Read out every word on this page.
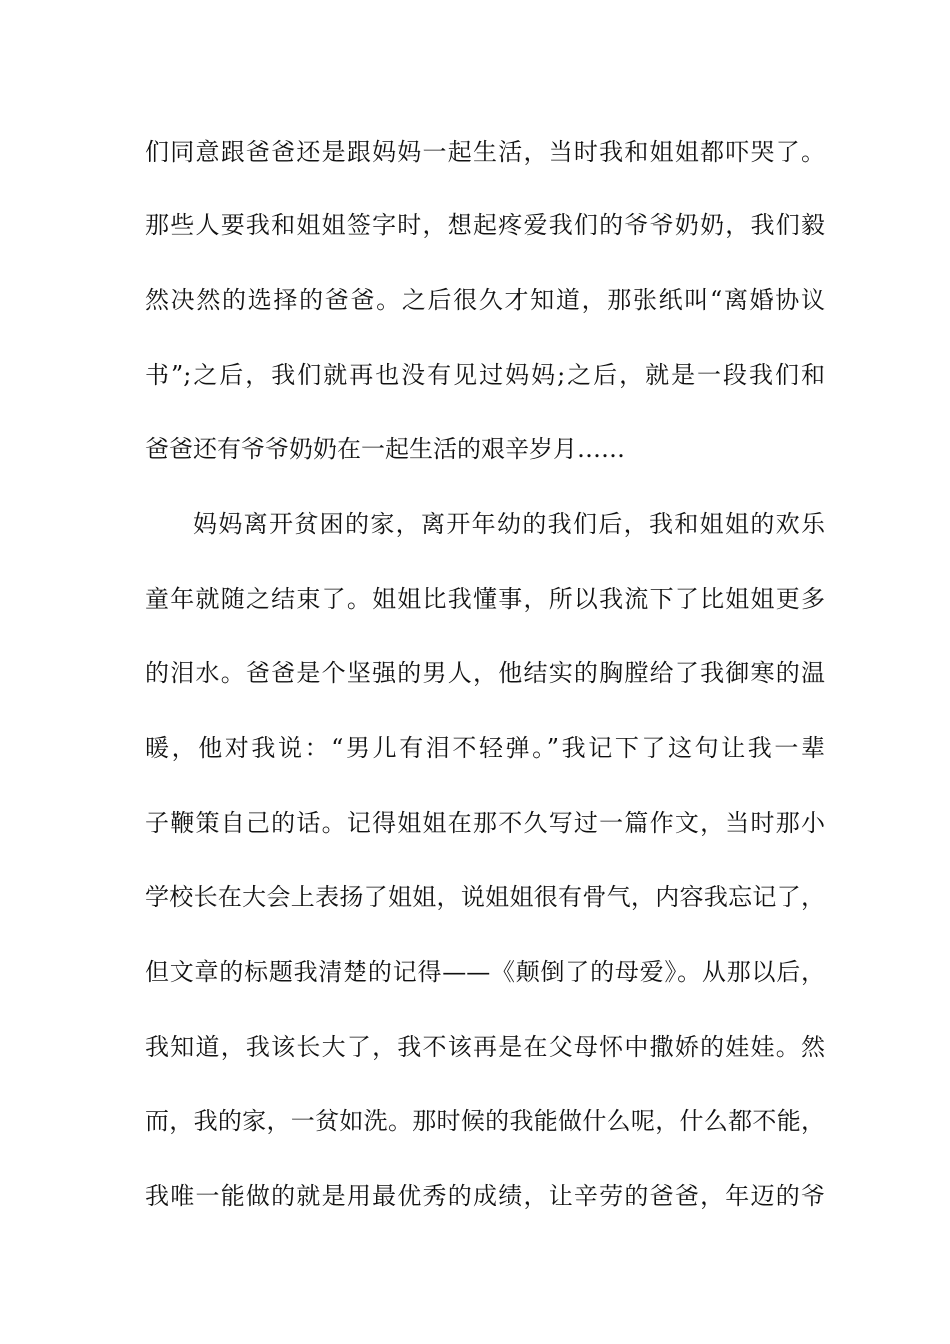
们同意跟爸爸还是跟妈妈一起生活，当时我和姐姐都吓哭了。
那些人要我和姐姐签字时，想起疼爱我们的爷爷奶奶，我们毅
然决然的选择的爸爸。之后很久才知道，那张纸叫“离婚协议
书”;之后，我们就再也没有见过妈妈;之后，就是一段我们和
爸爸还有爷爷奶奶在一起生活的艰辛岁月……
妈妈离开贫困的家，离开年幼的我们后，我和姐姐的欢乐
童年就随之结束了。姐姐比我懂事，所以我流下了比姐姐更多
的泪水。爸爸是个坚强的男人，他结实的胸膛给了我御寒的温
暖，他对我说：“男儿有泪不轻弹。”我记下了这句让我一辈
子鞭策自己的话。记得姐姐在那不久写过一篇作文，当时那小
学校长在大会上表扬了姐姐，说姐姐很有骨气，内容我忘记了，
但文章的标题我清楚的记得——《颠倒了的母爱》。从那以后，
我知道，我该长大了，我不该再是在父母怀中撒娇的娃娃。然
而，我的家，一贫如洗。那时候的我能做什么呢，什么都不能，
我唯一能做的就是用最优秀的成绩，让辛劳的爸爸，年迈的爷
